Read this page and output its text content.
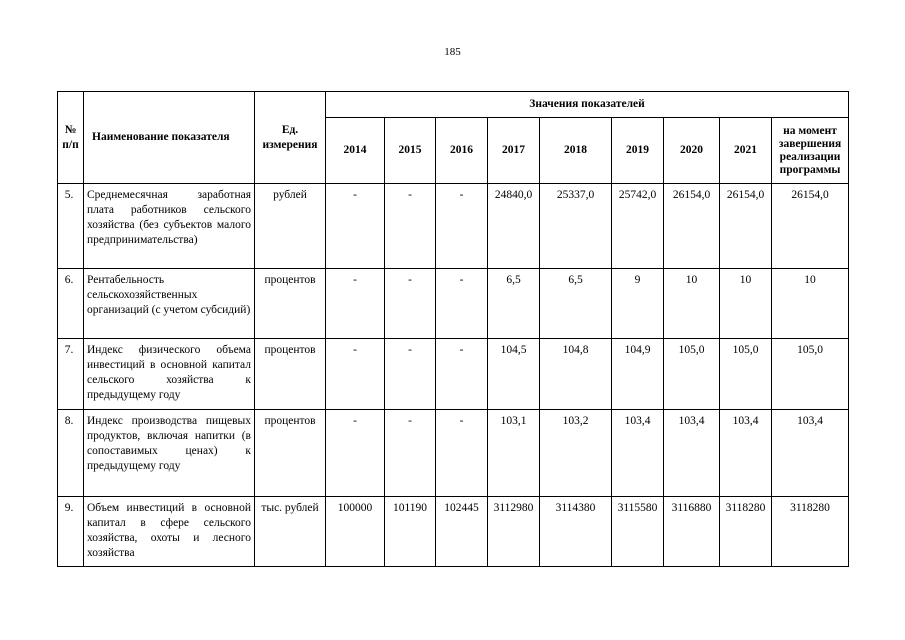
185
№ п/п	Наименование показателя	Ед. измерения	Значения показателей								
			2014	2015	2016	2017	2018	2019	2020	2021	на момент завершения реализации программы
5.	Среднемесячная заработная плата работников сельского хозяйства (без субъектов малого предпринимательства)	рублей	-	-	-	24840,0	25337,0	25742,0	26154,0	26154,0	26154,0
6.	Рентабельность сельскохозяйственных организаций (с учетом субсидий)	процентов	-	-	-	6,5	6,5	9	10	10	10
7.	Индекс физического объема инвестиций в основной капитал сельского хозяйства к предыдущему году	процентов	-	-	-	104,5	104,8	104,9	105,0	105,0	105,0
8.	Индекс производства пищевых продуктов, включая напитки (в сопоставимых ценах) к предыдущему году	процентов	-	-	-	103,1	103,2	103,4	103,4	103,4	103,4
9.	Объем инвестиций в основной капитал в сфере сельского хозяйства, охоты и лесного хозяйства	тыс. рублей	100000	101190	102445	3112980	3114380	3115580	3116880	3118280	3118280
